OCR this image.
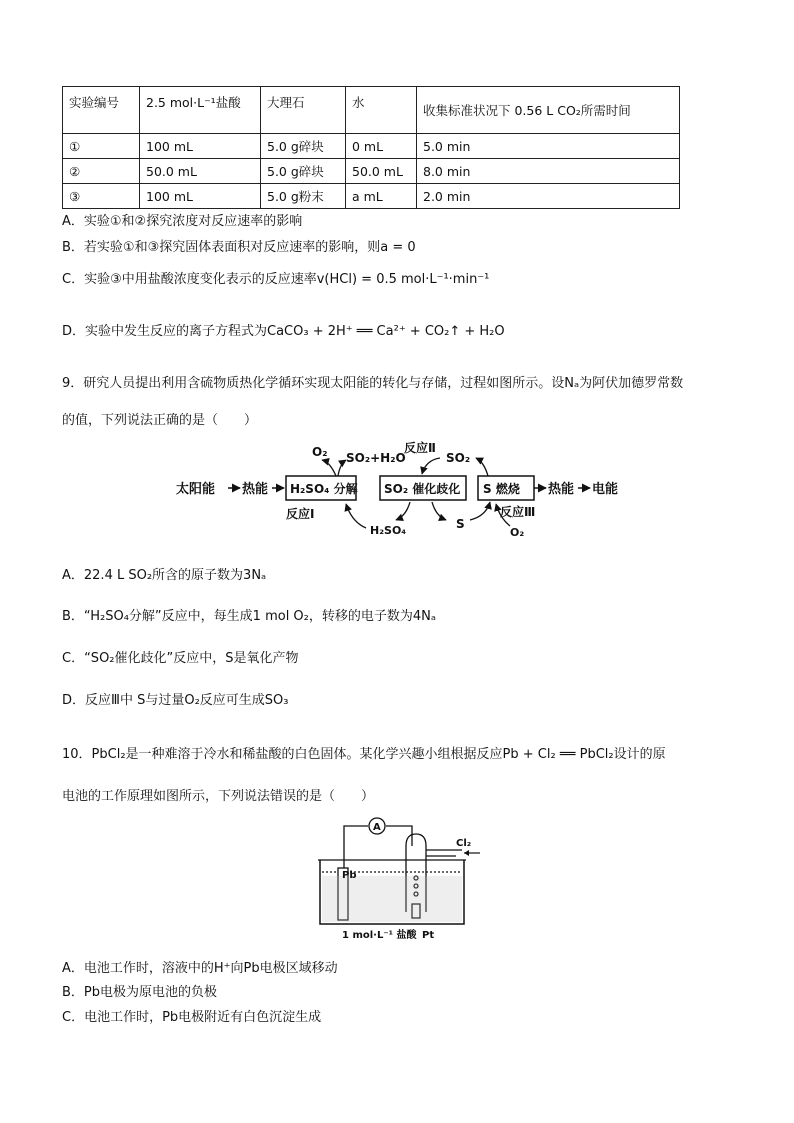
实验编号	2.5 mol·L⁻¹盐酸	大理石	水	收集标准状况下 0.56 L CO₂所需时间
①	100 mL	5.0 g碎块	0 mL	5.0 min
②	50.0 mL	5.0 g碎块	50.0 mL	8.0 min
③	100 mL	5.0 g粉末	a mL	2.0 min
A．实验①和②探究浓度对反应速率的影响
B．若实验①和③探究固体表面积对反应速率的影响，则a = 0
C．实验③中用盐酸浓度变化表示的反应速率v(HCl) = 0.5 mol·L⁻¹·min⁻¹
D．实验中发生反应的离子方程式为CaCO₃ + 2H⁺ ══ Ca²⁺ + CO₂↑ + H₂O
9．研究人员提出利用含硫物质热化学循环实现太阳能的转化与存储，过程如图所示。设Nₐ为阿伏加德罗常数
的值，下列说法正确的是（　　）
太阳能 热能 H₂SO₄ 分解 SO₂ 催化歧化 S 燃烧 热能 电能
O₂ SO₂+H₂O
反应Ⅰ
H₂SO₄
反应Ⅱ
SO₂
S
反应Ⅲ
O₂
A．22.4 L SO₂所含的原子数为3Nₐ
B．“H₂SO₄分解”反应中，每生成1 mol O₂，转移的电子数为4Nₐ
C．“SO₂催化歧化”反应中，S是氧化产物
D．反应Ⅲ中 S与过量O₂反应可生成SO₃
10．PbCl₂是一种难溶于冷水和稀盐酸的白色固体。某化学兴趣小组根据反应Pb + Cl₂ ══ PbCl₂设计的原
电池的工作原理如图所示，下列说法错误的是（　　）
A
Pb
Cl₂
1 mol·L⁻¹ 盐酸 Pt
A．电池工作时，溶液中的H⁺向Pb电极区域移动
B．Pb电极为原电池的负极
C．电池工作时，Pb电极附近有白色沉淀生成
